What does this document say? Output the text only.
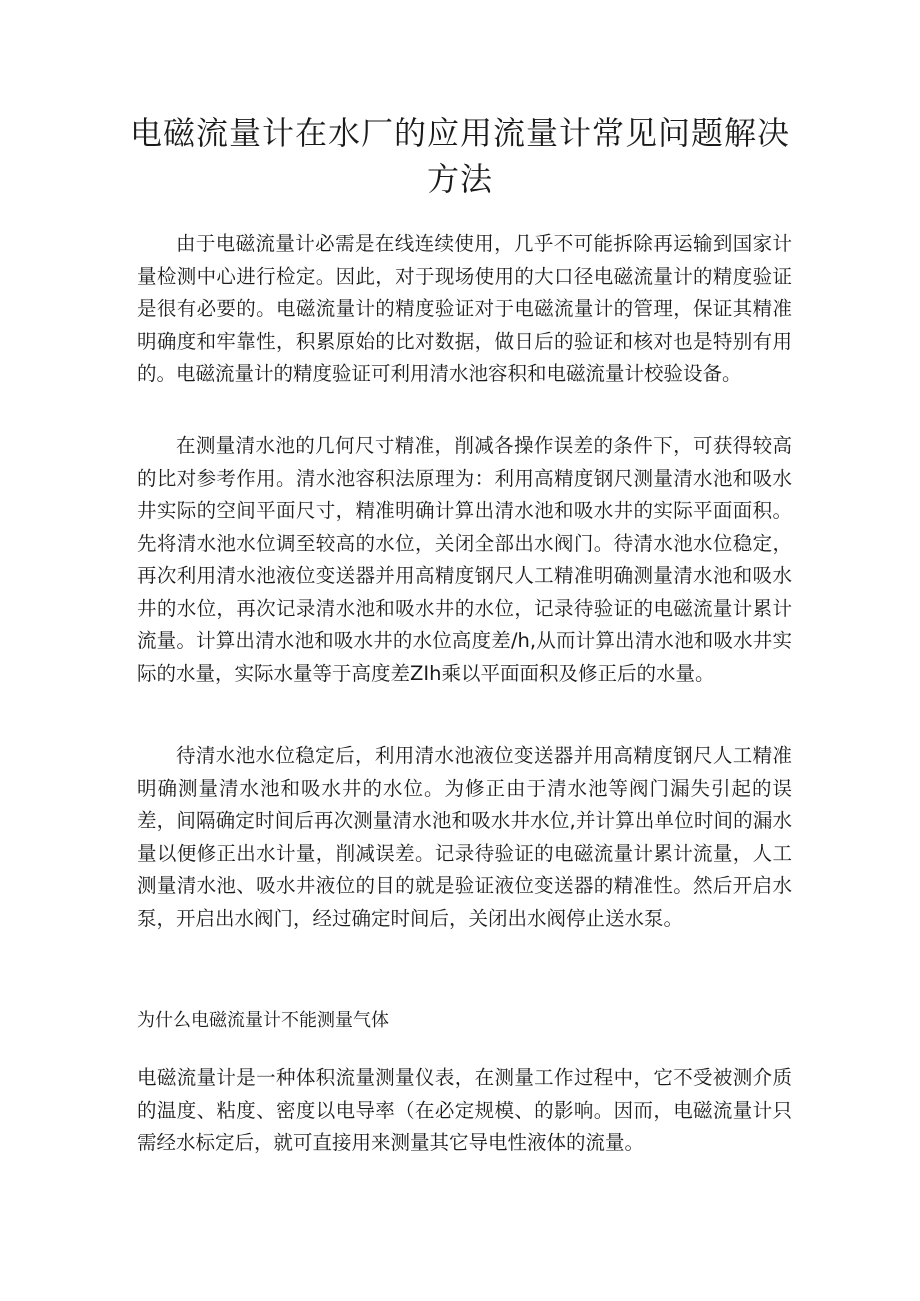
电磁流量计在水厂的应用流量计常见问题解决方法

由于电磁流量计必需是在线连续使用，几乎不可能拆除再运输到国家计量检测中心进行检定。因此，对于现场使用的大口径电磁流量计的精度验证是很有必要的。电磁流量计的精度验证对于电磁流量计的管理，保证其精准明确度和牢靠性，积累原始的比对数据，做日后的验证和核对也是特别有用的。电磁流量计的精度验证可利用清水池容积和电磁流量计校验设备。

在测量清水池的几何尺寸精准，削减各操作误差的条件下，可获得较高的比对参考作用。清水池容积法原理为：利用高精度钢尺测量清水池和吸水井实际的空间平面尺寸，精准明确计算出清水池和吸水井的实际平面面积。先将清水池水位调至较高的水位，关闭全部出水阀门。待清水池水位稳定，再次利用清水池液位变送器并用高精度钢尺人工精准明确测量清水池和吸水井的水位，再次记录清水池和吸水井的水位，记录待验证的电磁流量计累计流量。计算出清水池和吸水井的水位高度差/h,从而计算出清水池和吸水井实际的水量，实际水量等于高度差ZIh乘以平面面积及修正后的水量。

待清水池水位稳定后，利用清水池液位变送器并用高精度钢尺人工精准明确测量清水池和吸水井的水位。为修正由于清水池等阀门漏失引起的误差，间隔确定时间后再次测量清水池和吸水井水位,并计算出单位时间的漏水量以便修正出水计量，削减误差。记录待验证的电磁流量计累计流量，人工测量清水池、吸水井液位的目的就是验证液位变送器的精准性。然后开启水泵，开启出水阀门，经过确定时间后，关闭出水阀停止送水泵。

为什么电磁流量计不能测量气体

电磁流量计是一种体积流量测量仪表，在测量工作过程中，它不受被测介质的温度、粘度、密度以电导率（在必定规模、的影响。因而，电磁流量计只需经水标定后，就可直接用来测量其它导电性液体的流量。
